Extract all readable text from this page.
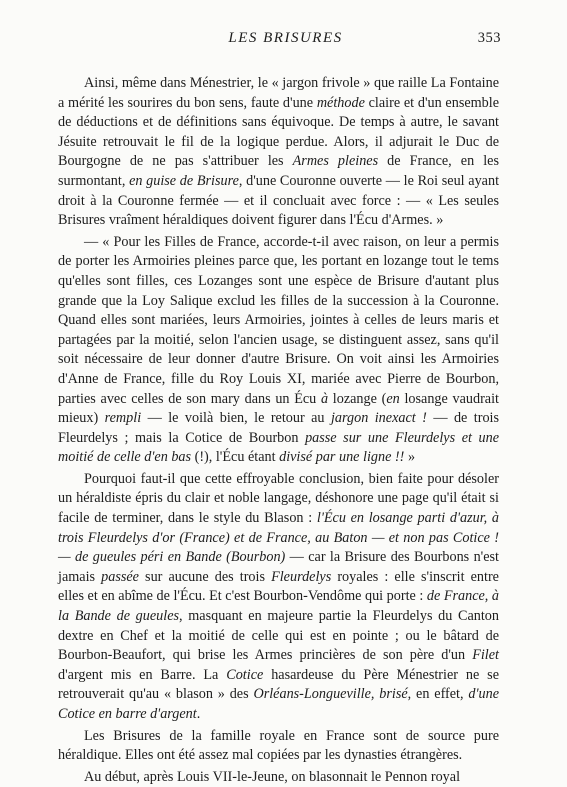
LES BRISURES	353

Ainsi, même dans Ménestrier, le « jargon frivole » que raille La Fontaine a mérité les sourires du bon sens, faute d'une méthode claire et d'un ensemble de déductions et de définitions sans équivoque. De temps à autre, le savant Jésuite retrouvait le fil de la logique perdue. Alors, il adjurait le Duc de Bourgogne de ne pas s'attribuer les Armes pleines de France, en les surmontant, en guise de Brisure, d'une Couronne ouverte — le Roi seul ayant droit à la Couronne fermée — et il concluait avec force : — « Les seules Brisures vraîment héraldiques doivent figurer dans l'Écu d'Armes. »

— « Pour les Filles de France, accorde-t-il avec raison, on leur a permis de porter les Armoiries pleines parce que, les portant en lozange tout le tems qu'elles sont filles, ces Lozanges sont une espèce de Brisure d'autant plus grande que la Loy Salique exclud les filles de la succession à la Couronne. Quand elles sont mariées, leurs Armoiries, jointes à celles de leurs maris et partagées par la moitié, selon l'ancien usage, se distinguent assez, sans qu'il soit nécessaire de leur donner d'autre Brisure. On voit ainsi les Armoiries d'Anne de France, fille du Roy Louis XI, mariée avec Pierre de Bourbon, parties avec celles de son mary dans un Écu à lozange (en losange vaudrait mieux) rempli — le voilà bien, le retour au jargon inexact ! — de trois Fleurdelys ; mais la Cotice de Bourbon passe sur une Fleurdelys et une moitié de celle d'en bas (!), l'Écu étant divisé par une ligne !! »

Pourquoi faut-il que cette effroyable conclusion, bien faite pour désoler un héraldiste épris du clair et noble langage, déshonore une page qu'il était si facile de terminer, dans le style du Blason : l'Écu en losange parti d'azur, à trois Fleurdelys d'or (France) et de France, au Baton — et non pas Cotice ! — de gueules péri en Bande (Bourbon) — car la Brisure des Bourbons n'est jamais passée sur aucune des trois Fleurdelys royales : elle s'inscrit entre elles et en abîme de l'Écu. Et c'est Bourbon-Vendôme qui porte : de France, à la Bande de gueules, masquant en majeure partie la Fleurdelys du Canton dextre en Chef et la moitié de celle qui est en pointe ; ou le bâtard de Bourbon-Beaufort, qui brise les Armes princières de son père d'un Filet d'argent mis en Barre. La Cotice hasardeuse du Père Ménestrier ne se retrouverait qu'au « blason » des Orléans-Longueville, brisé, en effet, d'une Cotice en barre d'argent.

Les Brisures de la famille royale en France sont de source pure héraldique. Elles ont été assez mal copiées par les dynasties étrangères.

Au début, après Louis VII-le-Jeune, on blasonnait le Pennon royal
